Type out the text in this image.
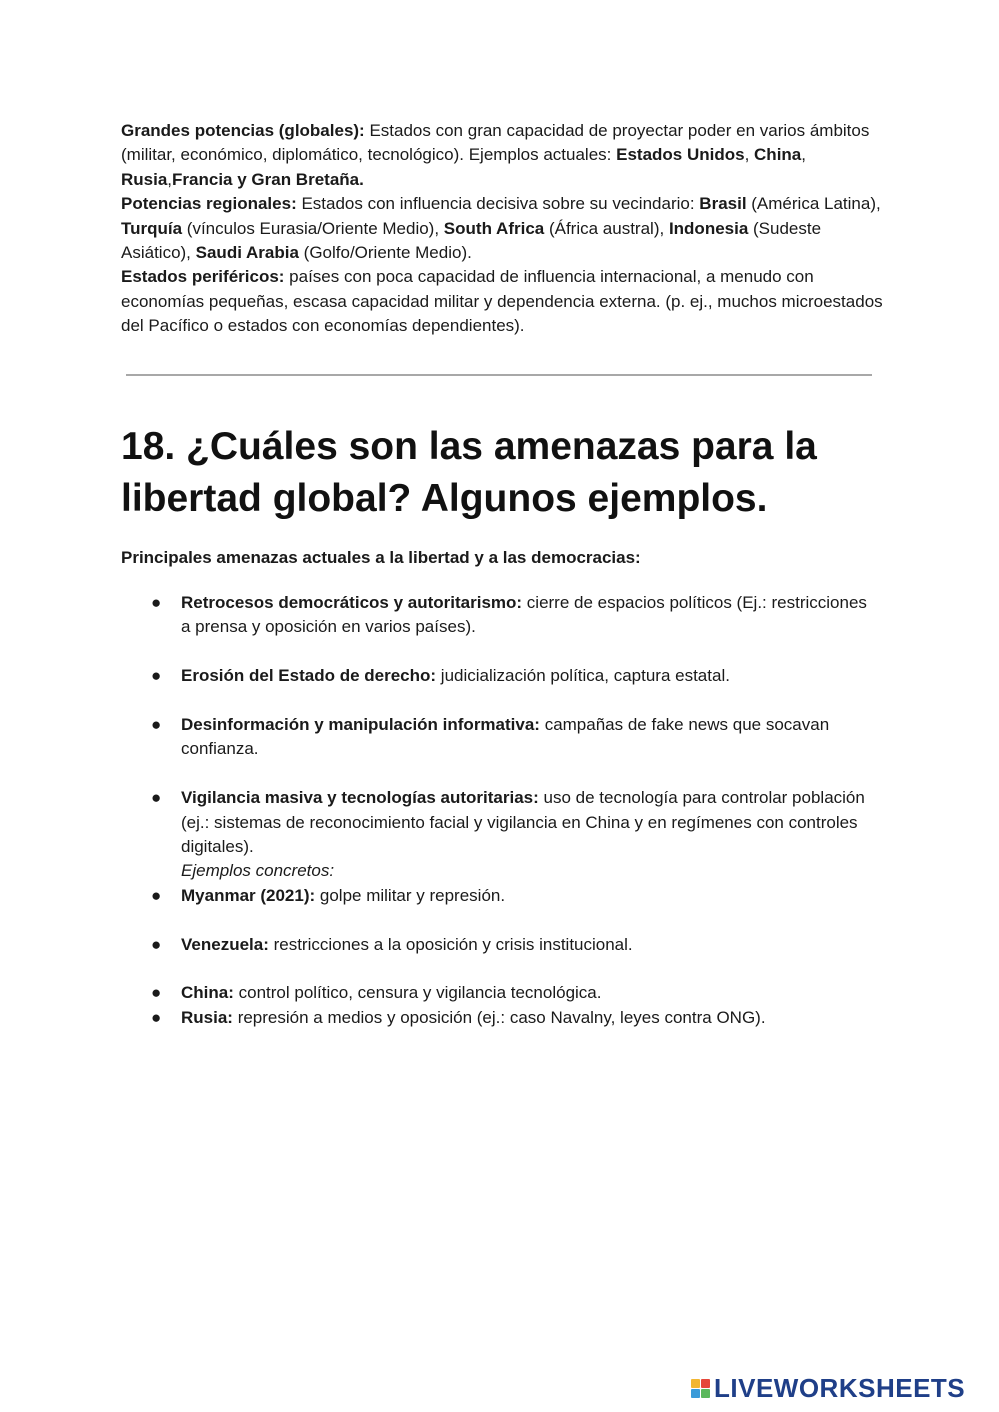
Grandes potencias (globales): Estados con gran capacidad de proyectar poder en varios ámbitos (militar, económico, diplomático, tecnológico). Ejemplos actuales: Estados Unidos, China, Rusia,Francia y Gran Bretaña.

Potencias regionales: Estados con influencia decisiva sobre su vecindario: Brasil (América Latina), Turquía (vínculos Eurasia/Oriente Medio), South Africa (África austral), Indonesia (Sudeste Asiático), Saudi Arabia (Golfo/Oriente Medio).

Estados periféricos: países con poca capacidad de influencia internacional, a menudo con economías pequeñas, escasa capacidad militar y dependencia externa. (p. ej., muchos microestados del Pacífico o estados con economías dependientes).

18. ¿Cuáles son las amenazas para la libertad global? Algunos ejemplos.

Principales amenazas actuales a la libertad y a las democracias:

● Retrocesos democráticos y autoritarismo: cierre de espacios políticos (Ej.: restricciones a prensa y oposición en varios países).
● Erosión del Estado de derecho: judicialización política, captura estatal.
● Desinformación y manipulación informativa: campañas de fake news que socavan confianza.
● Vigilancia masiva y tecnologías autoritarias: uso de tecnología para controlar población (ej.: sistemas de reconocimiento facial y vigilancia en China y en regímenes con controles digitales).
Ejemplos concretos:
● Myanmar (2021): golpe militar y represión.
● Venezuela: restricciones a la oposición y crisis institucional.
● China: control político, censura y vigilancia tecnológica.
● Rusia: represión a medios y oposición (ej.: caso Navalny, leyes contra ONG).
LIVEWORKSHEETS
